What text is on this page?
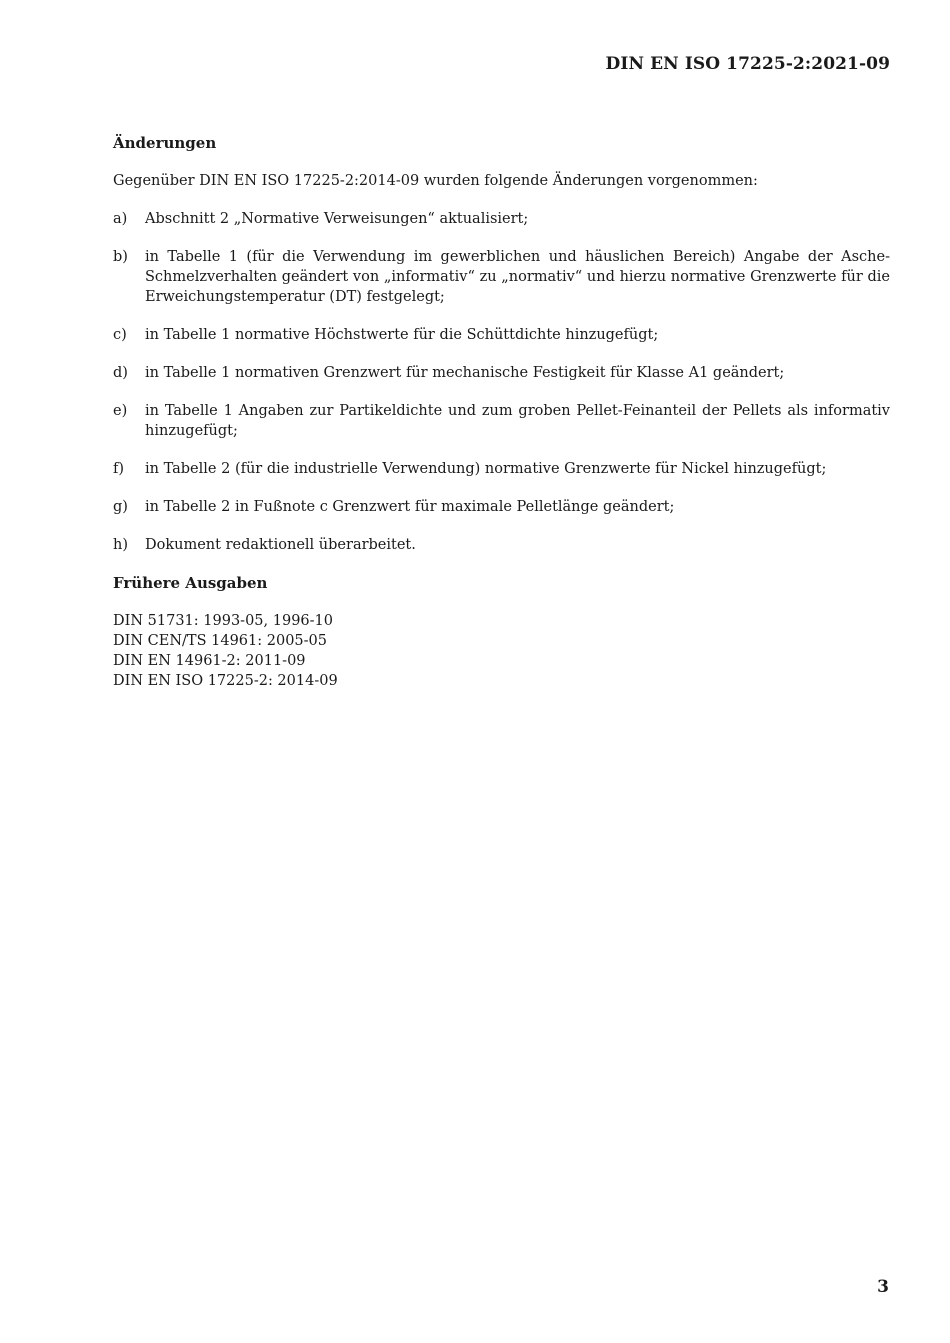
DIN EN ISO 17225-2:2021-09
Änderungen

Gegenüber DIN EN ISO 17225-2:2014-09 wurden folgende Änderungen vorgenommen:

a)	Abschnitt 2 „Normative Verweisungen“ aktualisiert;
b)	in Tabelle 1 (für die Verwendung im gewerblichen und häuslichen Bereich) Angabe der Asche-Schmelzverhalten geändert von „informativ“ zu „normativ“ und hierzu normative Grenzwerte für die Erweichungstemperatur (DT) festgelegt;
c)	in Tabelle 1 normative Höchstwerte für die Schüttdichte hinzugefügt;
d)	in Tabelle 1 normativen Grenzwert für mechanische Festigkeit für Klasse A1 geändert;
e)	in Tabelle 1 Angaben zur Partikeldichte und zum groben Pellet-Feinanteil der Pellets als informativ hinzugefügt;
f)	in Tabelle 2 (für die industrielle Verwendung) normative Grenzwerte für Nickel hinzugefügt;
g)	in Tabelle 2 in Fußnote c Grenzwert für maximale Pelletlänge geändert;
h)	Dokument redaktionell überarbeitet.
Frühere Ausgaben
DIN 51731: 1993-05, 1996-10
DIN CEN/TS 14961: 2005-05
DIN EN 14961-2: 2011-09
DIN EN ISO 17225-2: 2014-09
3
